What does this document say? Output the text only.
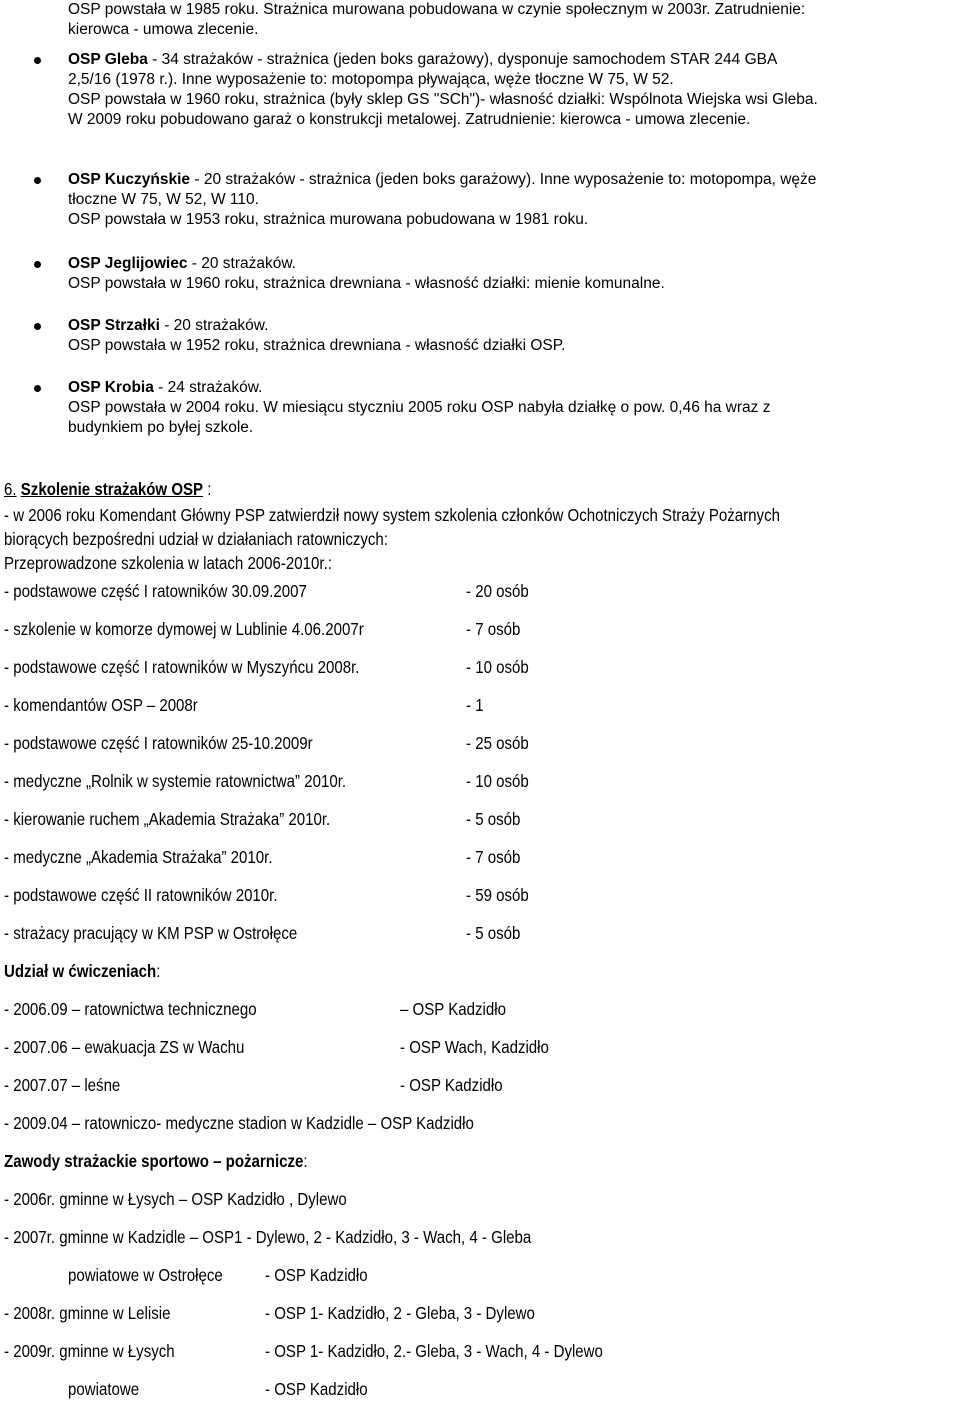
OSP powstała w 1985 roku. Strażnica murowana pobudowana w czynie społecznym w 2003r. Zatrudnienie:
kierowca - umowa zlecenie.
OSP Gleba - 34 strażaków - strażnica (jeden boks garażowy), dysponuje samochodem STAR 244 GBA
2,5/16 (1978 r.). Inne wyposażenie to: motopompa pływająca, węże tłoczne W 75, W 52.
OSP powstała w 1960 roku, strażnica (były sklep GS "SCh")- własność działki: Wspólnota Wiejska wsi Gleba.
W 2009 roku pobudowano garaż o konstrukcji metalowej. Zatrudnienie: kierowca - umowa zlecenie.
OSP Kuczyńskie - 20 strażaków - strażnica (jeden boks garażowy). Inne wyposażenie to: motopompa, węże
tłoczne W 75, W 52, W 110.
OSP powstała w 1953 roku, strażnica murowana pobudowana w 1981 roku.
OSP Jeglijowiec - 20 strażaków.
OSP powstała w 1960 roku, strażnica drewniana - własność działki: mienie komunalne.
OSP Strzałki - 20 strażaków.
OSP powstała w 1952 roku, strażnica drewniana - własność działki OSP.
OSP Krobia - 24 strażaków.
OSP powstała w 2004 roku. W miesiącu styczniu 2005 roku OSP nabyła działkę o pow. 0,46 ha wraz z
budynkiem po byłej szkole.
6. Szkolenie strażaków OSP :
- w 2006 roku Komendant Główny PSP zatwierdził nowy system szkolenia członków Ochotniczych Straży Pożarnych
biorących bezpośredni udział w działaniach ratowniczych:
Przeprowadzone szkolenia w latach 2006-2010r.:
- podstawowe część I ratowników 30.09.2007	- 20 osób
- szkolenie w komorze dymowej w Lublinie 4.06.2007r	- 7 osób
- podstawowe część I ratowników w Myszyńcu 2008r.	- 10 osób
- komendantów OSP – 2008r	- 1
- podstawowe część I ratowników 25-10.2009r	- 25 osób
- medyczne „Rolnik w systemie ratownictwa” 2010r.	- 10 osób
- kierowanie ruchem „Akademia Strażaka” 2010r.	- 5 osób
- medyczne „Akademia Strażaka” 2010r.	- 7 osób
- podstawowe część II ratowników 2010r.	- 59 osób
- strażacy pracujący w KM PSP w Ostrołęce	- 5 osób
Udział w ćwiczeniach:
- 2006.09 – ratownictwa technicznego	– OSP Kadzidło
- 2007.06 – ewakuacja ZS w Wachu	- OSP Wach, Kadzidło
- 2007.07 – leśne	- OSP Kadzidło
- 2009.04 – ratowniczo- medyczne stadion w Kadzidle – OSP Kadzidło
Zawody strażackie sportowo – pożarnicze:
- 2006r. gminne w Łysych – OSP Kadzidło , Dylewo
- 2007r. gminne w Kadzidle – OSP1 - Dylewo, 2 - Kadzidło, 3 - Wach, 4 - Gleba
powiatowe w Ostrołęce - OSP Kadzidło
- 2008r. gminne w Lelisie	- OSP 1- Kadzidło, 2 - Gleba, 3 - Dylewo
- 2009r. gminne w Łysych	- OSP 1- Kadzidło, 2.- Gleba, 3 - Wach, 4 - Dylewo
powiatowe	- OSP Kadzidło
